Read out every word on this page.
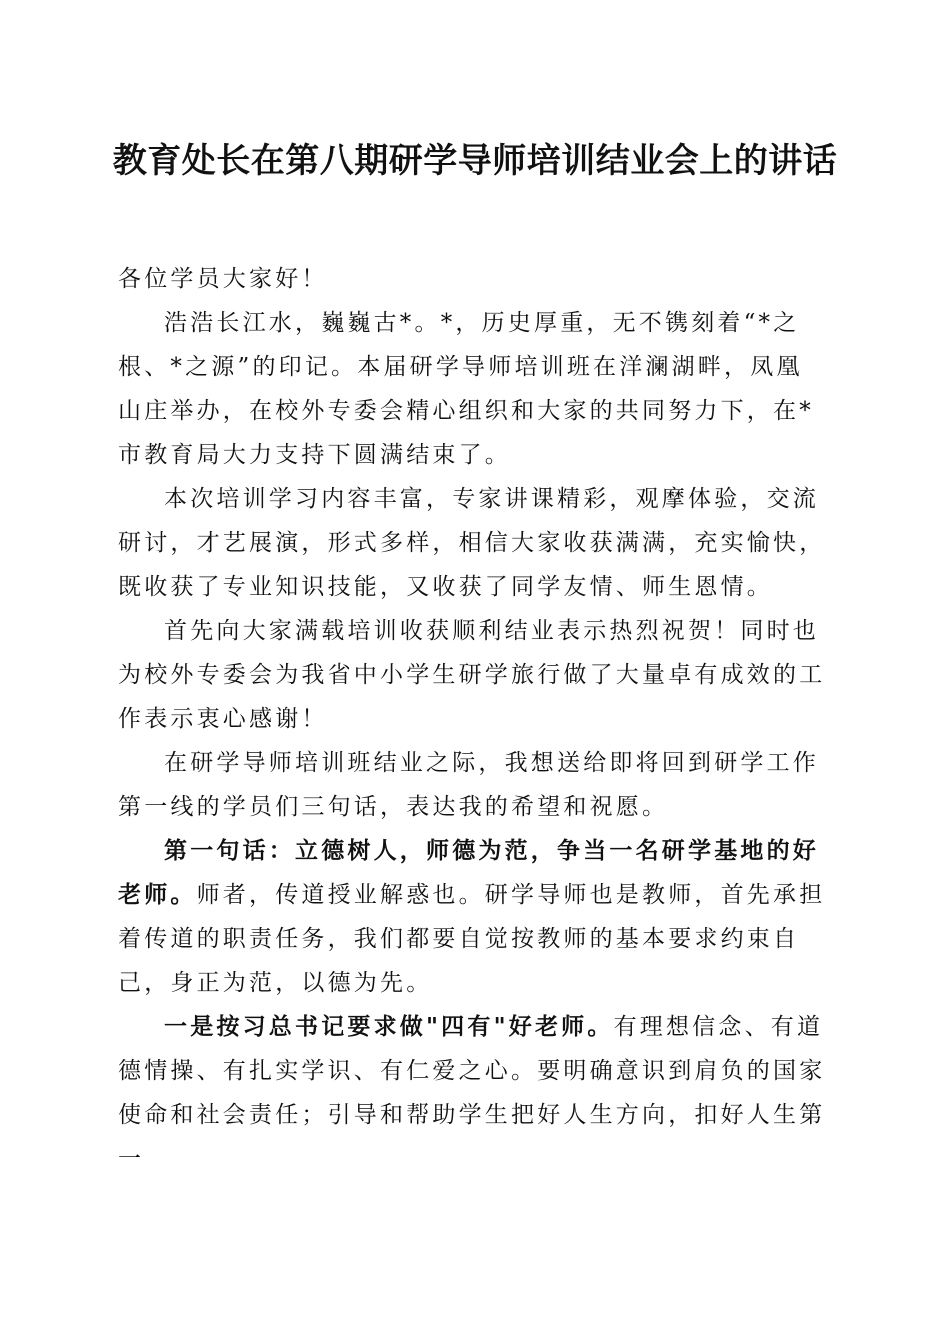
教育处长在第八期研学导师培训结业会上的讲话

各位学员大家好！

浩浩长江水，巍巍古*。*，历史厚重，无不镌刻着“*之根、*之源”的印记。本届研学导师培训班在洋澜湖畔，凤凰山庄举办，在校外专委会精心组织和大家的共同努力下，在*市教育局大力支持下圆满结束了。

本次培训学习内容丰富，专家讲课精彩，观摩体验，交流研讨，才艺展演，形式多样，相信大家收获满满，充实愉快，既收获了专业知识技能，又收获了同学友情、师生恩情。

首先向大家满载培训收获顺利结业表示热烈祝贺！同时也为校外专委会为我省中小学生研学旅行做了大量卓有成效的工作表示衷心感谢！

在研学导师培训班结业之际，我想送给即将回到研学工作第一线的学员们三句话，表达我的希望和祝愿。

第一句话：立德树人，师德为范，争当一名研学基地的好老师。师者，传道授业解惑也。研学导师也是教师，首先承担着传道的职责任务，我们都要自觉按教师的基本要求约束自己，身正为范，以德为先。

一是按习总书记要求做"四有"好老师。有理想信念、有道德情操、有扎实学识、有仁爱之心。要明确意识到肩负的国家使命和社会责任；引导和帮助学生把好人生方向，扣好人生第一
